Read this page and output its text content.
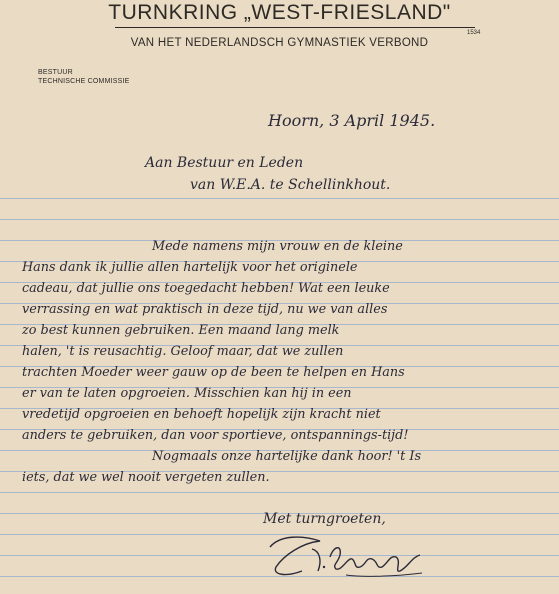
TURNKRING „WEST-FRIESLAND"
1534
VAN HET NEDERLANDSCH GYMNASTIEK VERBOND
BESTUUR
TECHNISCHE COMMISSIE

Hoorn, 3 April 1945.

Aan Bestuur en Leden

van W.E.A. te Schellinkhout.

Mede namens mijn vrouw en de kleine
Hans dank ik jullie allen hartelijk voor het originele
cadeau, dat jullie ons toegedacht hebben! Wat een leuke
verrassing en wat praktisch in deze tijd, nu we van alles
zo best kunnen gebruiken. Een maand lang melk
halen, 't is reusachtig. Geloof maar, dat we zullen
trachten Moeder weer gauw op de been te helpen en Hans
er van te laten opgroeien. Misschien kan hij in een
vredetijd opgroeien en behoeft hopelijk zijn kracht niet
anders te gebruiken, dan voor sportieve, ontspannings-tijd!
Nogmaals onze hartelijke dank hoor! 't Is
iets, dat we wel nooit vergeten zullen.

Met turngroeten,
